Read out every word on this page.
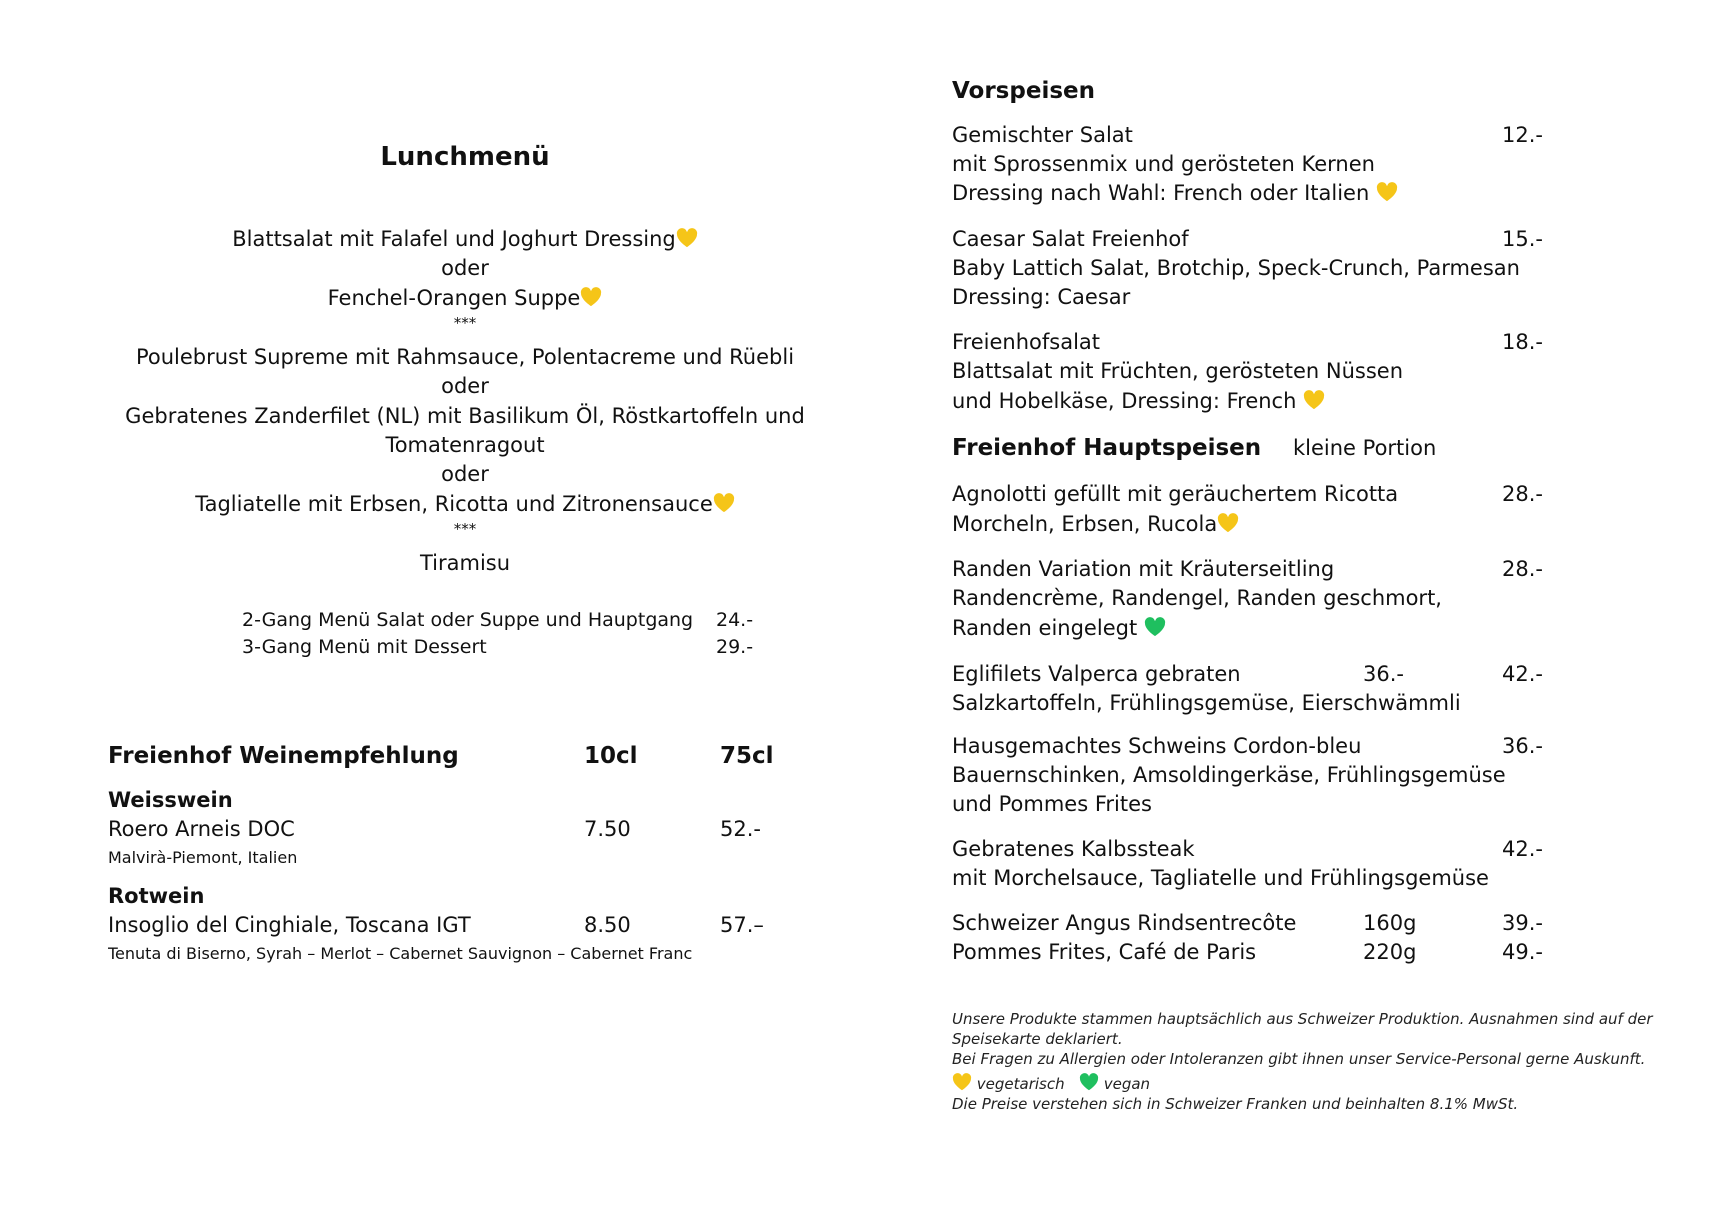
Lunchmenü
Blattsalat mit Falafel und Joghurt Dressing
oder
Fenchel-Orangen Suppe
***
Poulebrust Supreme mit Rahmsauce, Polentacreme und Rüebli
oder
Gebratenes Zanderfilet (NL) mit Basilikum Öl, Röstkartoffeln und
Tomatenragout
oder
Tagliatelle mit Erbsen, Ricotta und Zitronensauce
***
Tiramisu
2-Gang Menü Salat oder Suppe und Hauptgang 24.-
3-Gang Menü mit Dessert	29.-
Freienhof Weinempfehlung	10cl	75cl
Weisswein
Roero Arneis DOC	7.50	52.-
Malvirà-Piemont, Italien
Rotwein
Insoglio del Cinghiale, Toscana IGT	8.50	57.–
Tenuta di Biserno, Syrah – Merlot – Cabernet Sauvignon – Cabernet Franc
Vorspeisen
Gemischter Salat	12.-
mit Sprossenmix und gerösteten Kernen
Dressing nach Wahl: French oder Italien
Caesar Salat Freienhof	15.-
Baby Lattich Salat, Brotchip, Speck-Crunch, Parmesan
Dressing: Caesar
Freienhofsalat	18.-
Blattsalat mit Früchten, gerösteten Nüssen
und Hobelkäse, Dressing: French
Freienhof Hauptspeisen kleine Portion
Agnolotti gefüllt mit geräuchertem Ricotta	28.-
Morcheln, Erbsen, Rucola
Randen Variation mit Kräuterseitling	28.-
Randencrème, Randengel, Randen geschmort,
Randen eingelegt
Eglifilets Valperca gebraten	36.-	42.-
Salzkartoffeln, Frühlingsgemüse, Eierschwämmli
Hausgemachtes Schweins Cordon-bleu	36.-
Bauernschinken, Amsoldingerkäse, Frühlingsgemüse
und Pommes Frites
Gebratenes Kalbssteak	42.-
mit Morchelsauce, Tagliatelle und Frühlingsgemüse
Schweizer Angus Rindsentrecôte	160g	39.-
Pommes Frites, Café de Paris	220g	49.-
Unsere Produkte stammen hauptsächlich aus Schweizer Produktion. Ausnahmen sind auf der
Speisekarte deklariert.
Bei Fragen zu Allergien oder Intoleranzen gibt ihnen unser Service-Personal gerne Auskunft.
vegetarisch	vegan
Die Preise verstehen sich in Schweizer Franken und beinhalten 8.1% MwSt.
